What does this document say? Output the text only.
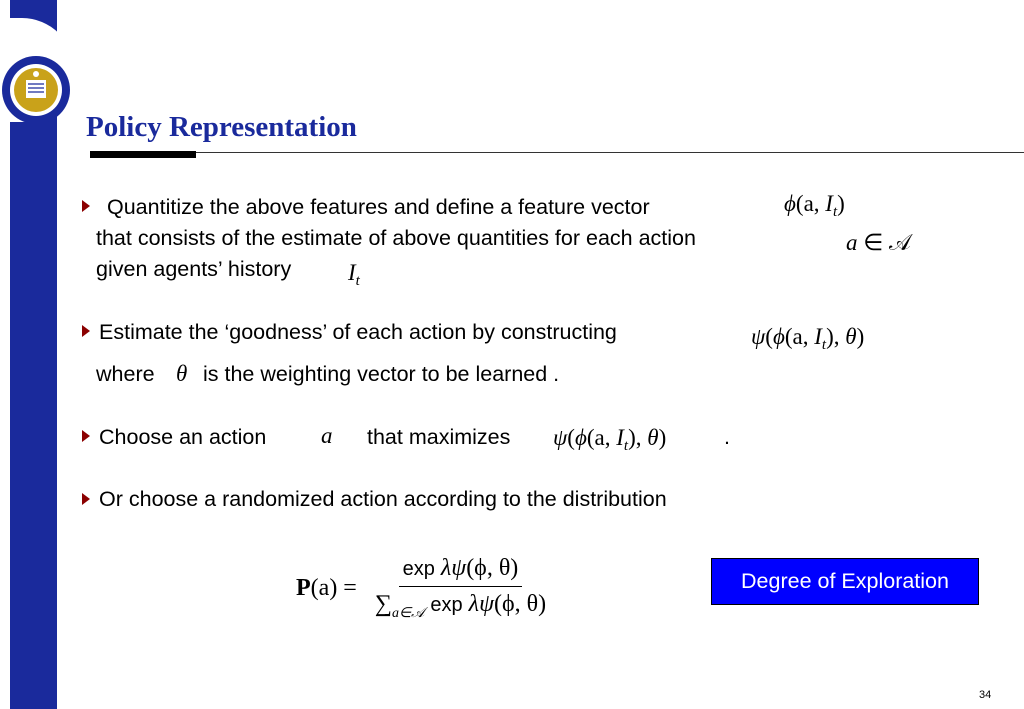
Policy Representation
Quantitize the above features and define a feature vector	ϕ(a, $I_t$)
that consists of the estimate of above quantities for each action	a ∈ 𝒜
given agents’ history $I_t$
Estimate the ‘goodness’ of each action by constructing	ψ(ϕ(a, $I_t$), θ)
where θ is the weighting vector to be learned .
Choose an action a that maximizes ψ(ϕ(a, $I_t$), θ)	.
Or choose a randomized action according to the distribution
$P(a) = \frac{\text{exp λψ(ϕ, θ)}}{\sum_{a\in 𝒜} \exp \lambda\psi(\phi, \theta)}$	Degree of Exploration
34
